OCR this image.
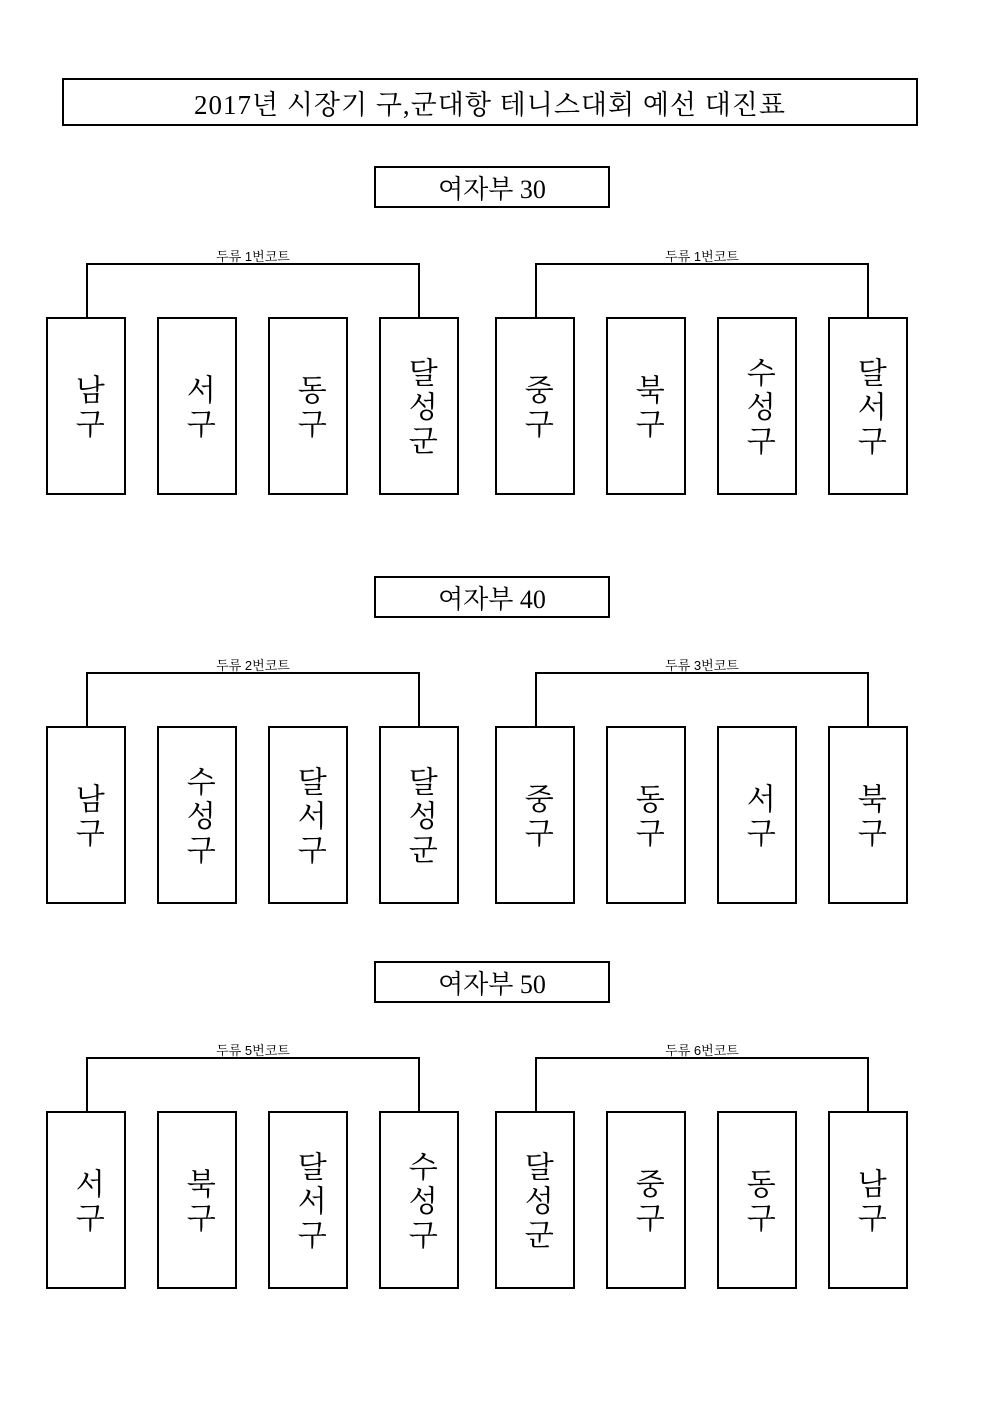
2017년 시장기 구,군대항 테니스대회 예선 대진표
여자부 30
두류 1번코트
남구	서구	동구	달성군
두류 1번코트
중구	북구	수성구	달서구
여자부 40
두류 2번코트
남구	수성구	달서구	달성군
두류 3번코트
중구	동구	서구	북구
여자부 50
두류 5번코트
서구	북구	달서구	수성구
두류 6번코트
달성군	중구	동구	남구
